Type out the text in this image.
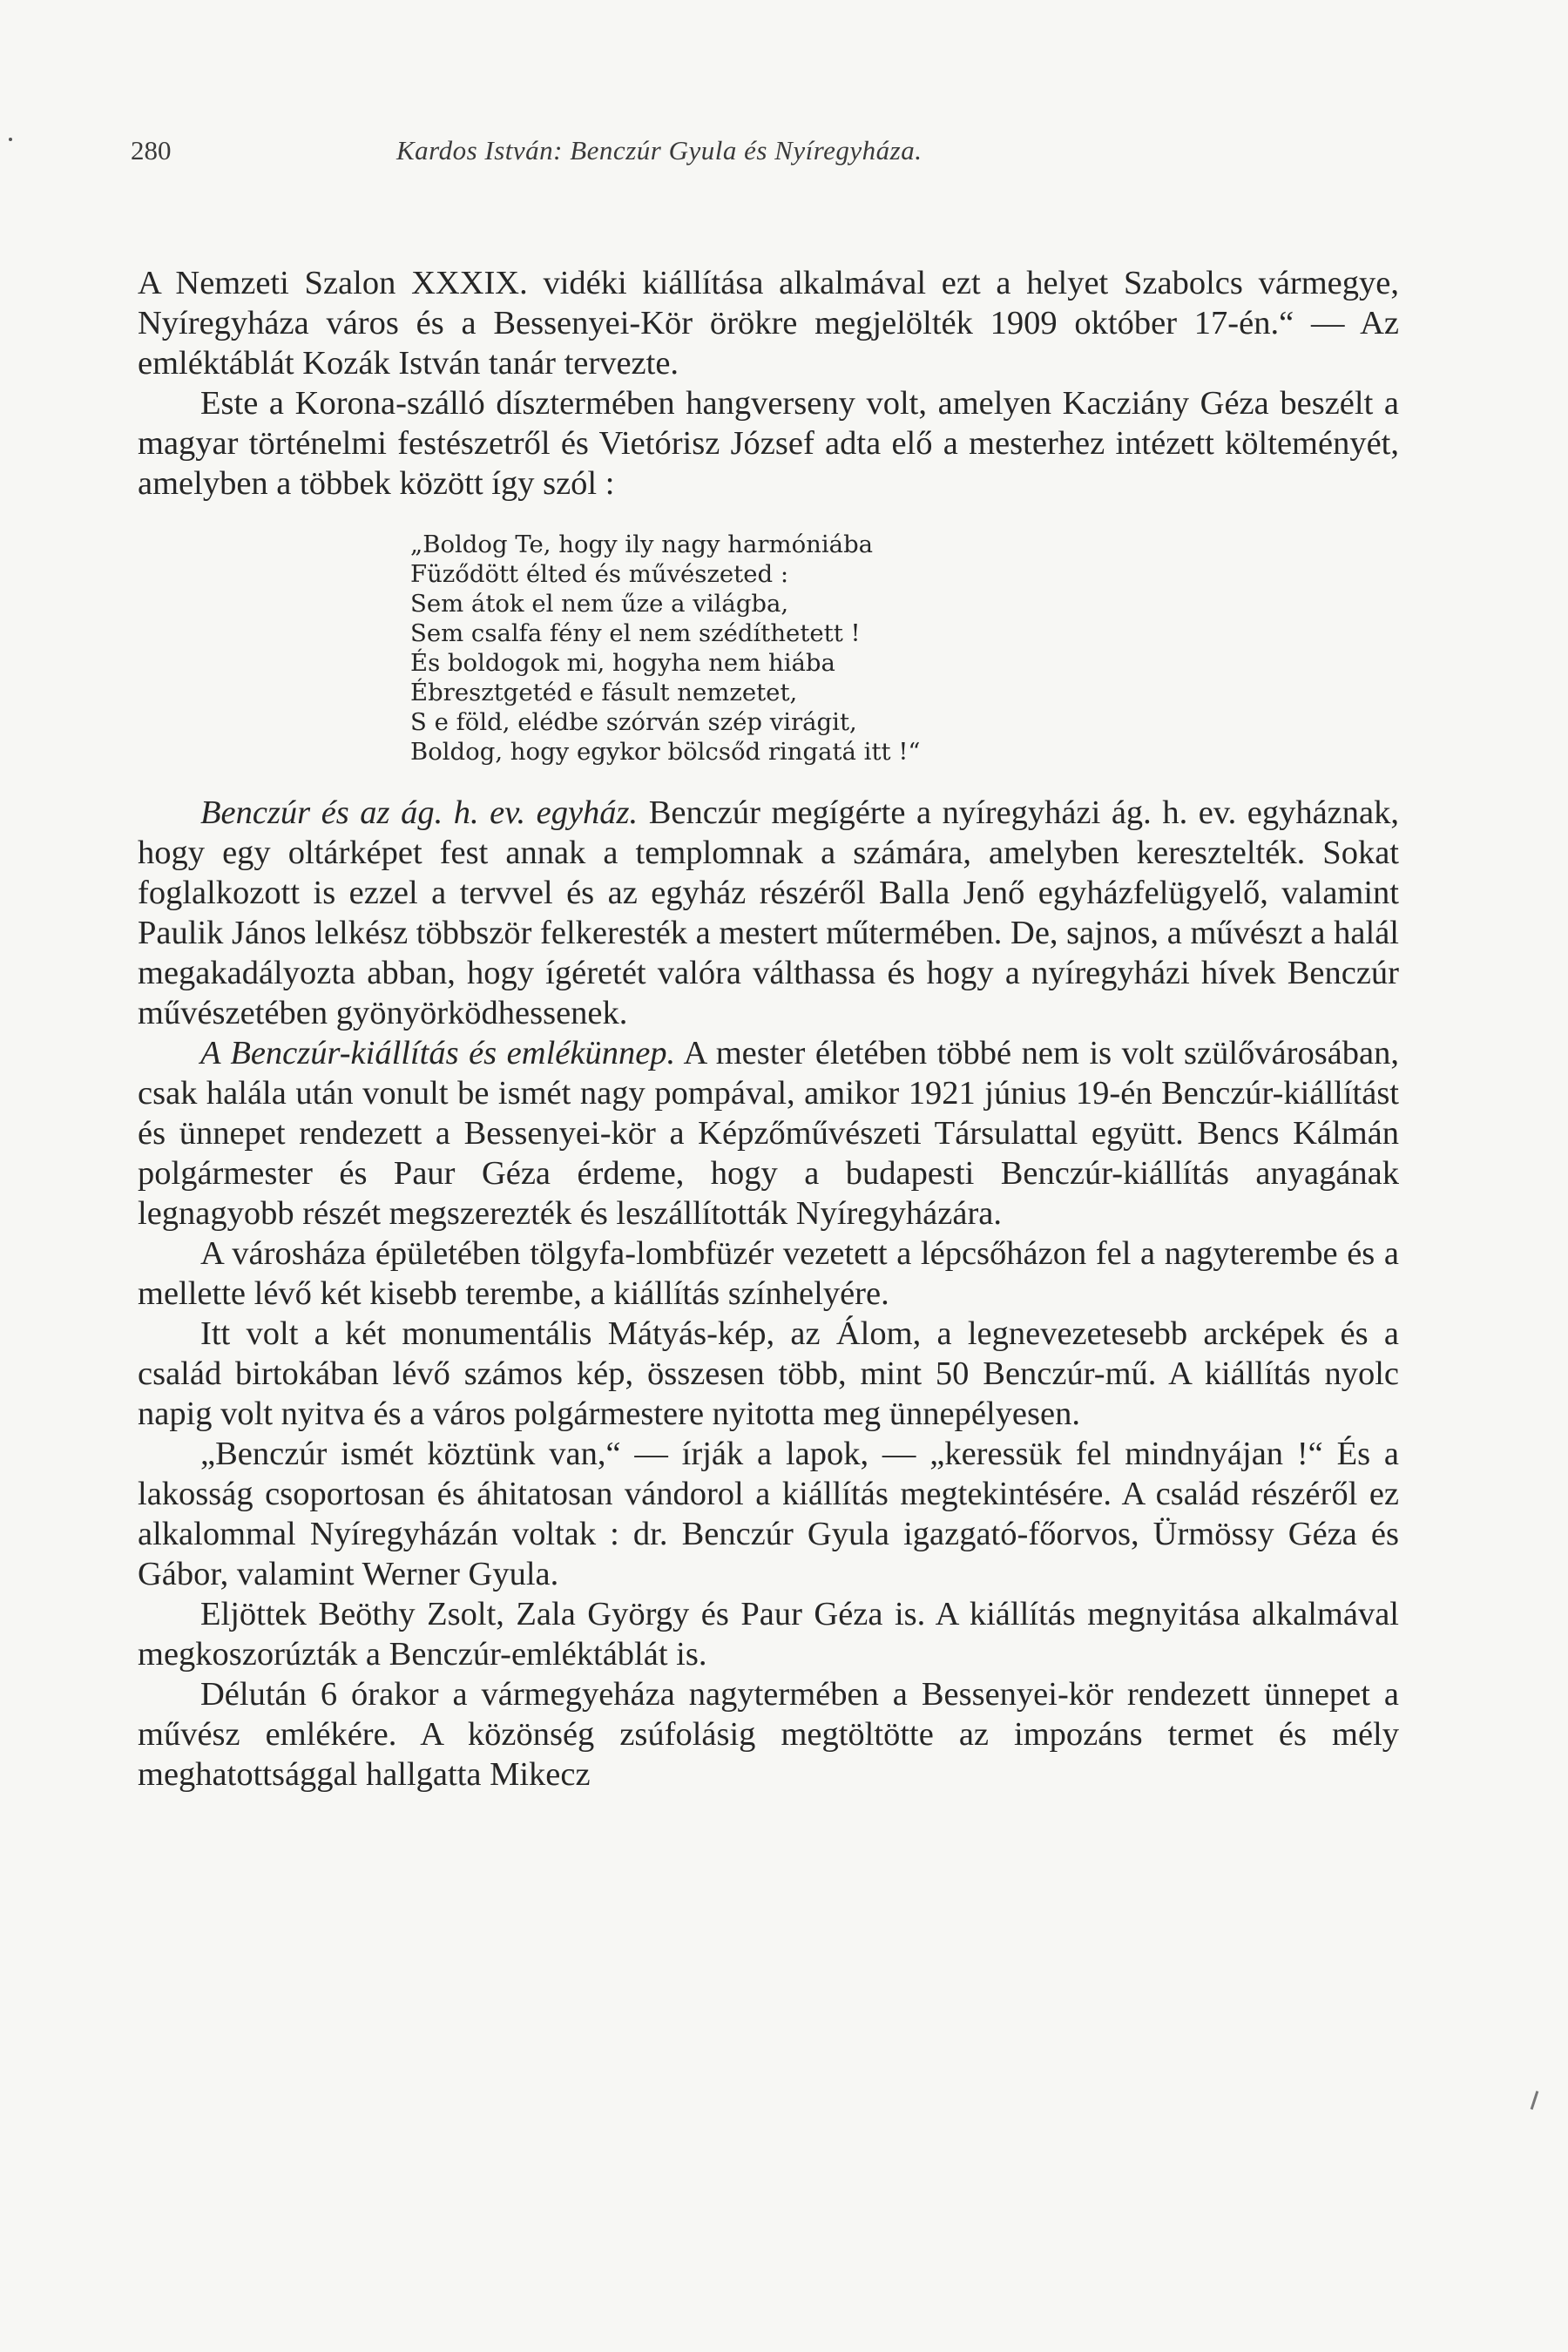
280	Kardos István: Benczúr Gyula és Nyíregyháza.

A Nemzeti Szalon XXXIX. vidéki kiállítása alkalmával ezt a helyet Szabolcs vármegye, Nyíregyháza város és a Bessenyei-Kör örökre megjelölték 1909 október 17-én.“ — Az emléktáblát Kozák István tanár tervezte.

Este a Korona-szálló dísztermében hangverseny volt, amelyen Kacziány Géza beszélt a magyar történelmi festészetről és Vietórisz József adta elő a mesterhez intézett költeményét, amelyben a többek között így szól :

„Boldog Te, hogy ily nagy harmóniába
Füződött élted és művészeted :
Sem átok el nem űze a világba,
Sem csalfa fény el nem szédíthetett !
És boldogok mi, hogyha nem hiába
Ébresztgetéd e fásult nemzetet,
S e föld, elédbe szórván szép virágit,
Boldog, hogy egykor bölcsőd ringatá itt !“

Benczúr és az ág. h. ev. egyház. Benczúr megígérte a nyíregyházi ág. h. ev. egyháznak, hogy egy oltárképet fest annak a templomnak a számára, amelyben keresztelték. Sokat foglalkozott is ezzel a tervvel és az egyház részéről Balla Jenő egyházfelügyelő, valamint Paulik János lelkész többször felkeresték a mestert műtermében. De, sajnos, a művészt a halál megakadályozta abban, hogy ígéretét valóra válthassa és hogy a nyíregyházi hívek Benczúr művészetében gyönyörködhessenek.

A Benczúr-kiállítás és emlékünnep. A mester életében többé nem is volt szülővárosában, csak halála után vonult be ismét nagy pompával, amikor 1921 június 19-én Benczúr-kiállítást és ünnepet rendezett a Bessenyei-kör a Képzőművészeti Társulattal együtt. Bencs Kálmán polgármester és Paur Géza érdeme, hogy a budapesti Benczúr-kiállítás anyagának legnagyobb részét megszerezték és leszállították Nyíregyházára.

A városháza épületében tölgyfa-lombfüzér vezetett a lépcsőházon fel a nagyterembe és a mellette lévő két kisebb terembe, a kiállítás színhelyére.

Itt volt a két monumentális Mátyás-kép, az Álom, a legnevezetesebb arcképek és a család birtokában lévő számos kép, összesen több, mint 50 Benczúr-mű. A kiállítás nyolc napig volt nyitva és a város polgármestere nyitotta meg ünnepélyesen.

„Benczúr ismét köztünk van,“ — írják a lapok, — „keressük fel mindnyájan !“ És a lakosság csoportosan és áhitatosan vándorol a kiállítás megtekintésére. A család részéről ez alkalommal Nyíregyházán voltak : dr. Benczúr Gyula igazgató-főorvos, Ürmössy Géza és Gábor, valamint Werner Gyula.

Eljöttek Beöthy Zsolt, Zala György és Paur Géza is. A kiállítás megnyitása alkalmával megkoszorúzták a Benczúr-emléktáblát is.

Délután 6 órakor a vármegyeháza nagytermében a Bessenyei-kör rendezett ünnepet a művész emlékére. A közönség zsúfolásig megtöltötte az impozáns termet és mély meghatottsággal hallgatta Mikecz
